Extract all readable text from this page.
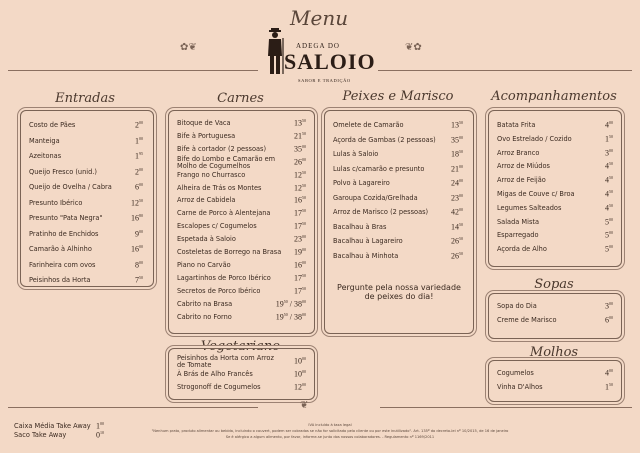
Menu
ADEGA DO
SALOIO
SABOR E TRADIÇÃO
✿❦	❦✿
Entradas
Costo de Pães	$2^{00}$
Manteiga	$1^{00}$
Azeitonas	$1^{95}$
Queijo Fresco (unid.)	$2^{00}$
Queijo de Ovelha / Cabra	$6^{00}$
Presunto Ibérico	$12^{50}$
Presunto "Pata Negra"	$16^{80}$
Pratinho de Enchidos	$9^{00}$
Camarão à Alhinho	$16^{00}$
Farinheira com ovos	$8^{00}$
Peisinhos da Horta	$7^{50}$
Carnes
Bitoque de Vaca	$13^{50}$
Bife à Portuguesa	$21^{50}$
Bife à cortador (2 pessoas)	$35^{00}$
Bife do Lombo e Camarão em Molho de Cogumelhos	$26^{00}$
Frango no Churrasco	$12^{50}$
Alheira de Trás os Montes	$12^{50}$
Arroz de Cabidela	$16^{50}$
Carne de Porco à Alentejana	$17^{50}$
Escalopes c/ Cogumelos	$17^{50}$
Espetada à Saloio	$23^{00}$
Costeletas de Borrego na Brasa $19^{00}$
Piano no Carvão	$16^{00}$
Lagartinhos de Porco Ibérico	$17^{50}$
Secretos de Porco Ibérico	$17^{50}$
Cabrito na Brasa	$19^{50} / 38^{00}$
Cabrito no Forno	$19^{50} / 38^{00}$
Vegetariano
Peisinhos da Horta com Arroz de Tomate	$10^{00}$
À Brás de Alho Francês	$10^{00}$
Strogonoff de Cogumelos	$12^{00}$
Peixes e Marisco
Omelete de Camarão	$13^{50}$
Açorda de Gambas (2 pessoas) $35^{00}$
Lulas à Saloio	$18^{50}$
Lulas c/camarão e presunto	$21^{00}$
Polvo à Lagareiro	$24^{00}$
Garoupa Cozida/Grelhada	$23^{00}$
Arroz de Marisco (2 pessoas)	$42^{00}$
Bacalhau à Bras	$14^{50}$
Bacalhau à Lagareiro	$26^{50}$
Bacalhau à Minhota	$26^{50}$
Pergunte pela nossa variedade de peixes do dia!
Acompanhamentos
Batata Frita	$4^{00}$
Ovo Estrelado / Cozido	$1^{50}$
Arroz Branco	$3^{00}$
Arroz de Miúdos	$4^{50}$
Arroz de Feijão	$4^{50}$
Migas de Couve c/ Broa	$4^{50}$
Legumes Salteados	$4^{50}$
Salada Mista	$5^{00}$
Esparregado	$5^{00}$
Açorda de Alho	$5^{00}$
Sopas
Sopa do Dia	$3^{00}$
Creme de Marisco	$6^{00}$
Molhos
Cogumelos	$4^{00}$
Vinha D'Alhos	$1^{50}$
❦
Caixa Média Take Away $1^{00}$
Saco Take Away	$0^{10}$
IVA incluído à taxa legal
"Nenhum prato, produto alimentar ou bebida, incluindo o couvert, podem ser cobrados se não for solicitado pelo cliente ou por este inutilizado". Art. 135º do decreto-lei nº 10/2015, de 16 de janeiro
Se é alérgico a algum alimento, por favor, informe-se junto dos nossos colaboradores. - Regulamento nº 1169/2011
